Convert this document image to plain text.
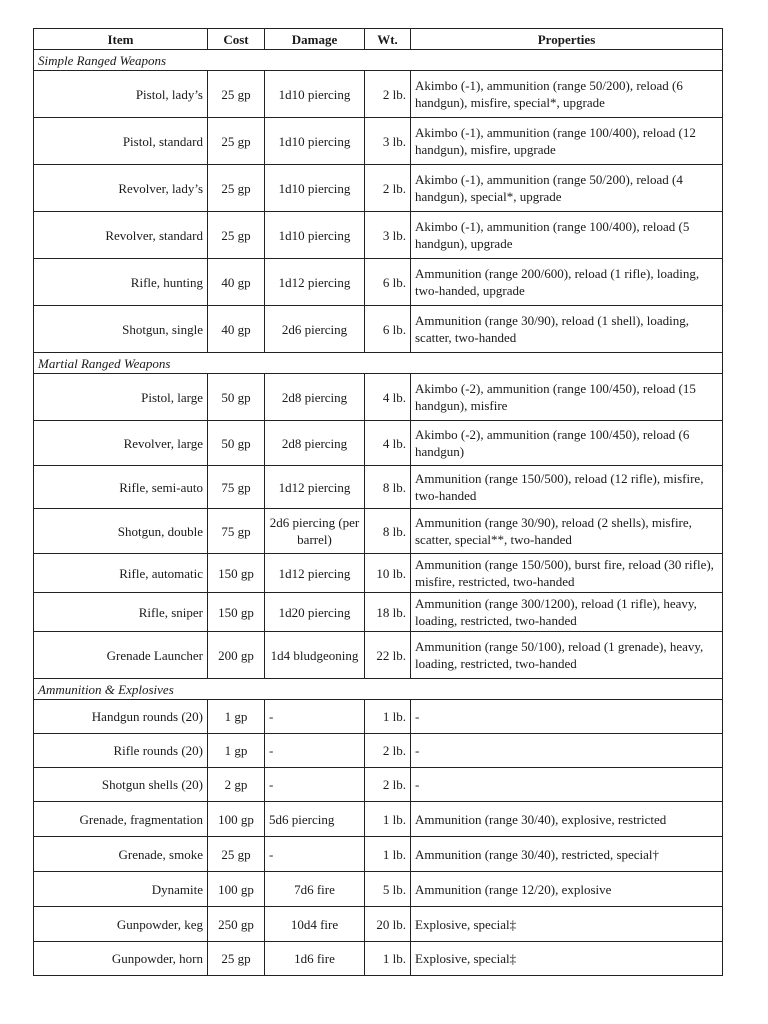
Item	Cost	Damage	Wt.	Properties
Simple Ranged Weapons				
Pistol, lady’s	25 gp	1d10 piercing	2 lb.	Akimbo (-1), ammunition (range 50/200), reload (6 handgun), misfire, special*, upgrade
Pistol, standard	25 gp	1d10 piercing	3 lb.	Akimbo (-1), ammunition (range 100/400), reload (12 handgun), misfire, upgrade
Revolver, lady’s	25 gp	1d10 piercing	2 lb.	Akimbo (-1), ammunition (range 50/200), reload (4 handgun), special*, upgrade
Revolver, standard	25 gp	1d10 piercing	3 lb.	Akimbo (-1), ammunition (range 100/400), reload (5 handgun), upgrade
Rifle, hunting	40 gp	1d12 piercing	6 lb.	Ammunition (range 200/600), reload (1 rifle), loading, two-handed, upgrade
Shotgun, single	40 gp	2d6 piercing	6 lb.	Ammunition (range 30/90), reload (1 shell), loading, scatter, two-handed
Martial Ranged Weapons				
Pistol, large	50 gp	2d8 piercing	4 lb.	Akimbo (-2), ammunition (range 100/450), reload (15 handgun), misfire
Revolver, large	50 gp	2d8 piercing	4 lb.	Akimbo (-2), ammunition (range 100/450), reload (6 handgun)
Rifle, semi-auto	75 gp	1d12 piercing	8 lb.	Ammunition (range 150/500), reload (12 rifle), misfire, two-handed
Shotgun, double	75 gp	2d6 piercing (per barrel)	8 lb.	Ammunition (range 30/90), reload (2 shells), misfire, scatter, special**, two-handed
Rifle, automatic	150 gp	1d12 piercing	10 lb.	Ammunition (range 150/500), burst fire, reload (30 rifle), misfire, restricted, two-handed
Rifle, sniper	150 gp	1d20 piercing	18 lb.	Ammunition (range 300/1200), reload (1 rifle), heavy, loading, restricted, two-handed
Grenade Launcher	200 gp	1d4 bludgeoning	22 lb.	Ammunition (range 50/100), reload (1 grenade), heavy, loading, restricted, two-handed
Ammunition & Explosives				
Handgun rounds (20)	1 gp	-	1 lb.	-
Rifle rounds (20)	1 gp	-	2 lb.	-
Shotgun shells (20)	2 gp	-	2 lb.	-
Grenade, fragmentation	100 gp	5d6 piercing	1 lb.	Ammunition (range 30/40), explosive, restricted
Grenade, smoke	25 gp	-	1 lb.	Ammunition (range 30/40), restricted, special†
Dynamite	100 gp	7d6 fire	5 lb.	Ammunition (range 12/20), explosive
Gunpowder, keg	250 gp	10d4 fire	20 lb.	Explosive, special‡
Gunpowder, horn	25 gp	1d6 fire	1 lb.	Explosive, special‡
